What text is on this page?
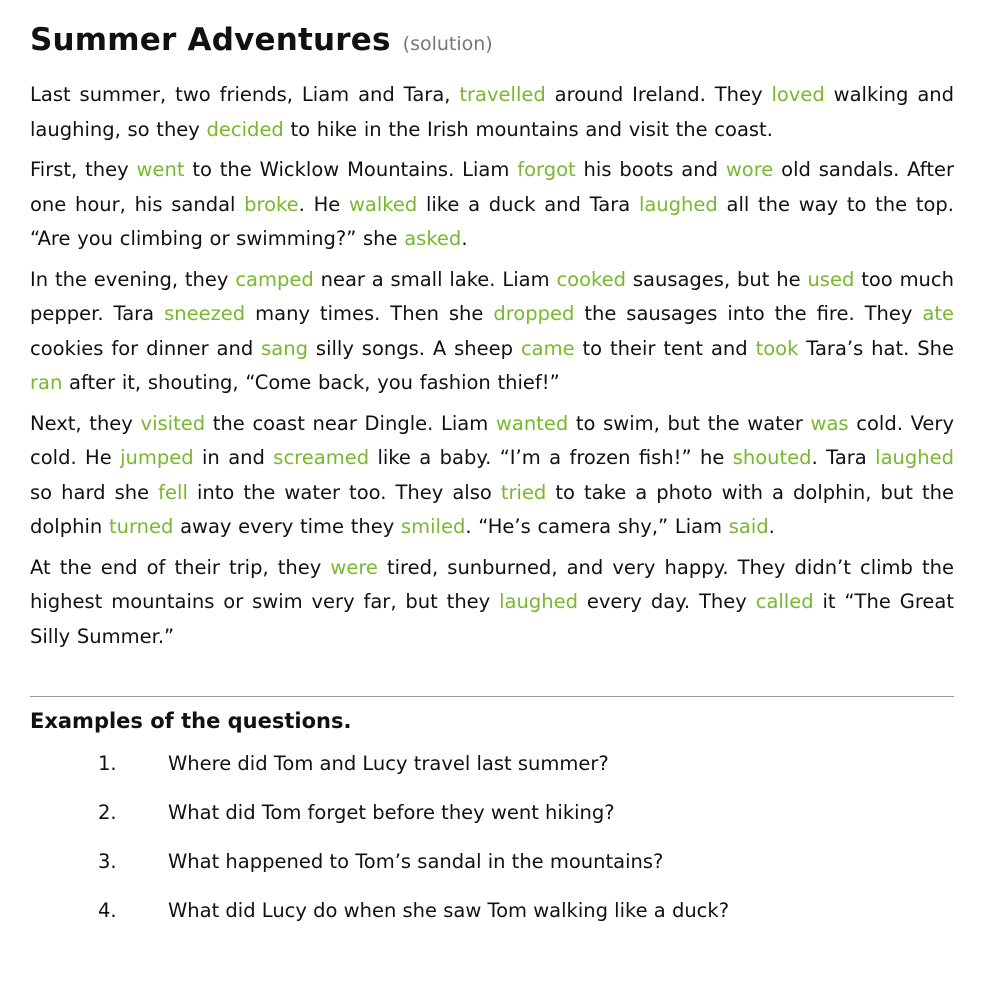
Summer Adventures (solution)

Last summer, two friends, Liam and Tara, travelled around Ireland. They loved walking and laughing, so they decided to hike in the Irish mountains and visit the coast.

First, they went to the Wicklow Mountains. Liam forgot his boots and wore old sandals. After one hour, his sandal broke. He walked like a duck and Tara laughed all the way to the top. “Are you climbing or swimming?” she asked.

In the evening, they camped near a small lake. Liam cooked sausages, but he used too much pepper. Tara sneezed many times. Then she dropped the sausages into the fire. They ate cookies for dinner and sang silly songs. A sheep came to their tent and took Tara’s hat. She ran after it, shouting, “Come back, you fashion thief!”

Next, they visited the coast near Dingle. Liam wanted to swim, but the water was cold. Very cold. He jumped in and screamed like a baby. “I’m a frozen fish!” he shouted. Tara laughed so hard she fell into the water too. They also tried to take a photo with a dolphin, but the dolphin turned away every time they smiled. “He’s camera shy,” Liam said.

At the end of their trip, they were tired, sunburned, and very happy. They didn’t climb the highest mountains or swim very far, but they laughed every day. They called it “The Great Silly Summer.”

Examples of the questions.
1.	Where did Tom and Lucy travel last summer?
2.	What did Tom forget before they went hiking?
3.	What happened to Tom’s sandal in the mountains?
4.	What did Lucy do when she saw Tom walking like a duck?
